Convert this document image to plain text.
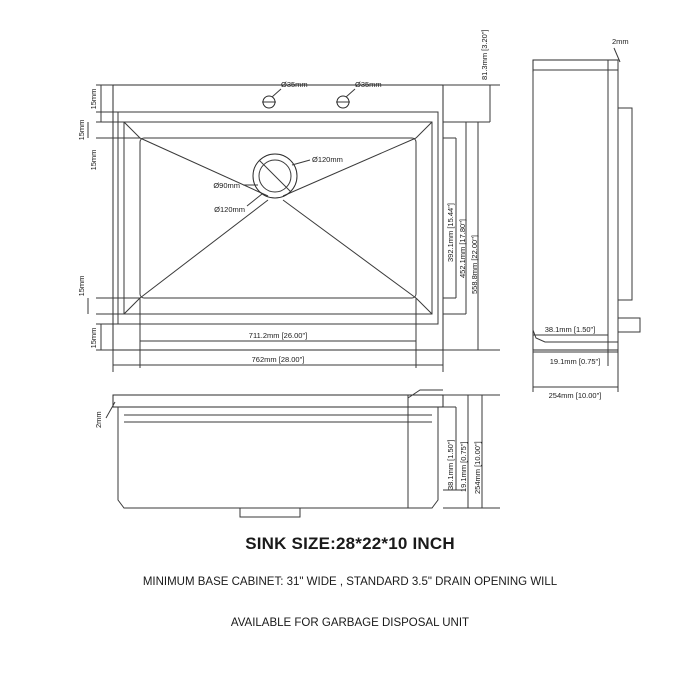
Ø35mm	Ø35mm
Ø90mm
Ø120mm
Ø120mm
15mm
15mm
15mm
15mm
15mm
81.3mm [3.20"]
392.1mm [15.44"] 452.1mm [17.80"] 558.8mm [22.00"]
711.2mm [26.00"]
762mm [28.00"]
2mm
38.1mm [1.50"]
19.1mm [0.75"]
254mm [10.00"]
2mm
38.1mm [1.50"] 19.1mm [0.75"] 254mm [10.00"]
SINK SIZE:28*22*10 INCH
MINIMUM BASE CABINET: 31" WIDE , STANDARD 3.5" DRAIN OPENING WILL
AVAILABLE FOR GARBAGE DISPOSAL UNIT
